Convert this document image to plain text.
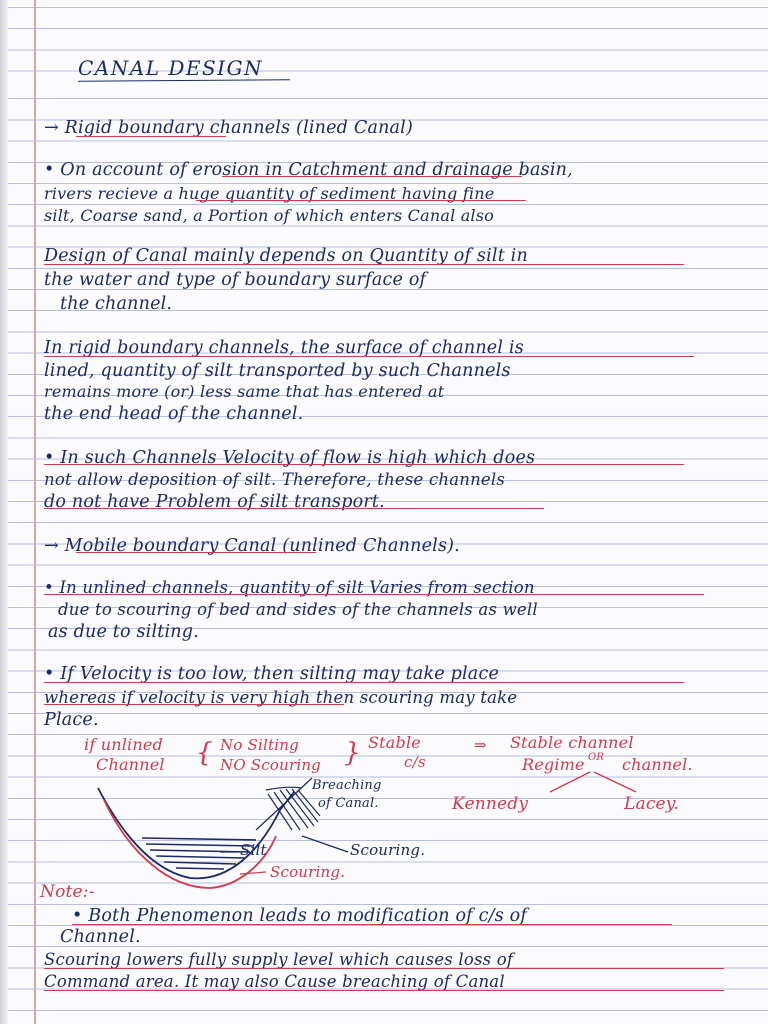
CANAL DESIGN
→ Rigid boundary channels (lined Canal)
• On account of erosion in Catchment and drainage basin,
rivers recieve a huge quantity of sediment having fine
silt, Coarse sand, a Portion of which enters Canal also
Design of Canal mainly depends on Quantity of silt in
the water and type of boundary surface of
the channel.
In rigid boundary channels, the surface of channel is
lined, quantity of silt transported by such Channels
remains more (or) less same that has entered at
the end head of the channel.
• In such Channels Velocity of flow is high which does
not allow deposition of silt. Therefore, these channels
do not have Problem of silt transport.
→ Mobile boundary Canal (unlined Channels).
• In unlined channels, quantity of silt Varies from section
due to scouring of bed and sides of the channels as well
as due to silting.
• If Velocity is too low, then silting may take place
whereas if velocity is very high then scouring may take
Place.
if unlined
Channel { No Silting
NO Scouring } Stable
c/s
⇒ Stable channel
OR
Regime channel.
Breaching
of Canal.
Silt	Scouring.
Scouring.
Kennedy	Lacey.
Note:-
• Both Phenomenon leads to modification of c/s of
Channel.
Scouring lowers fully supply level which causes loss of
Command area. It may also Cause breaching of Canal
